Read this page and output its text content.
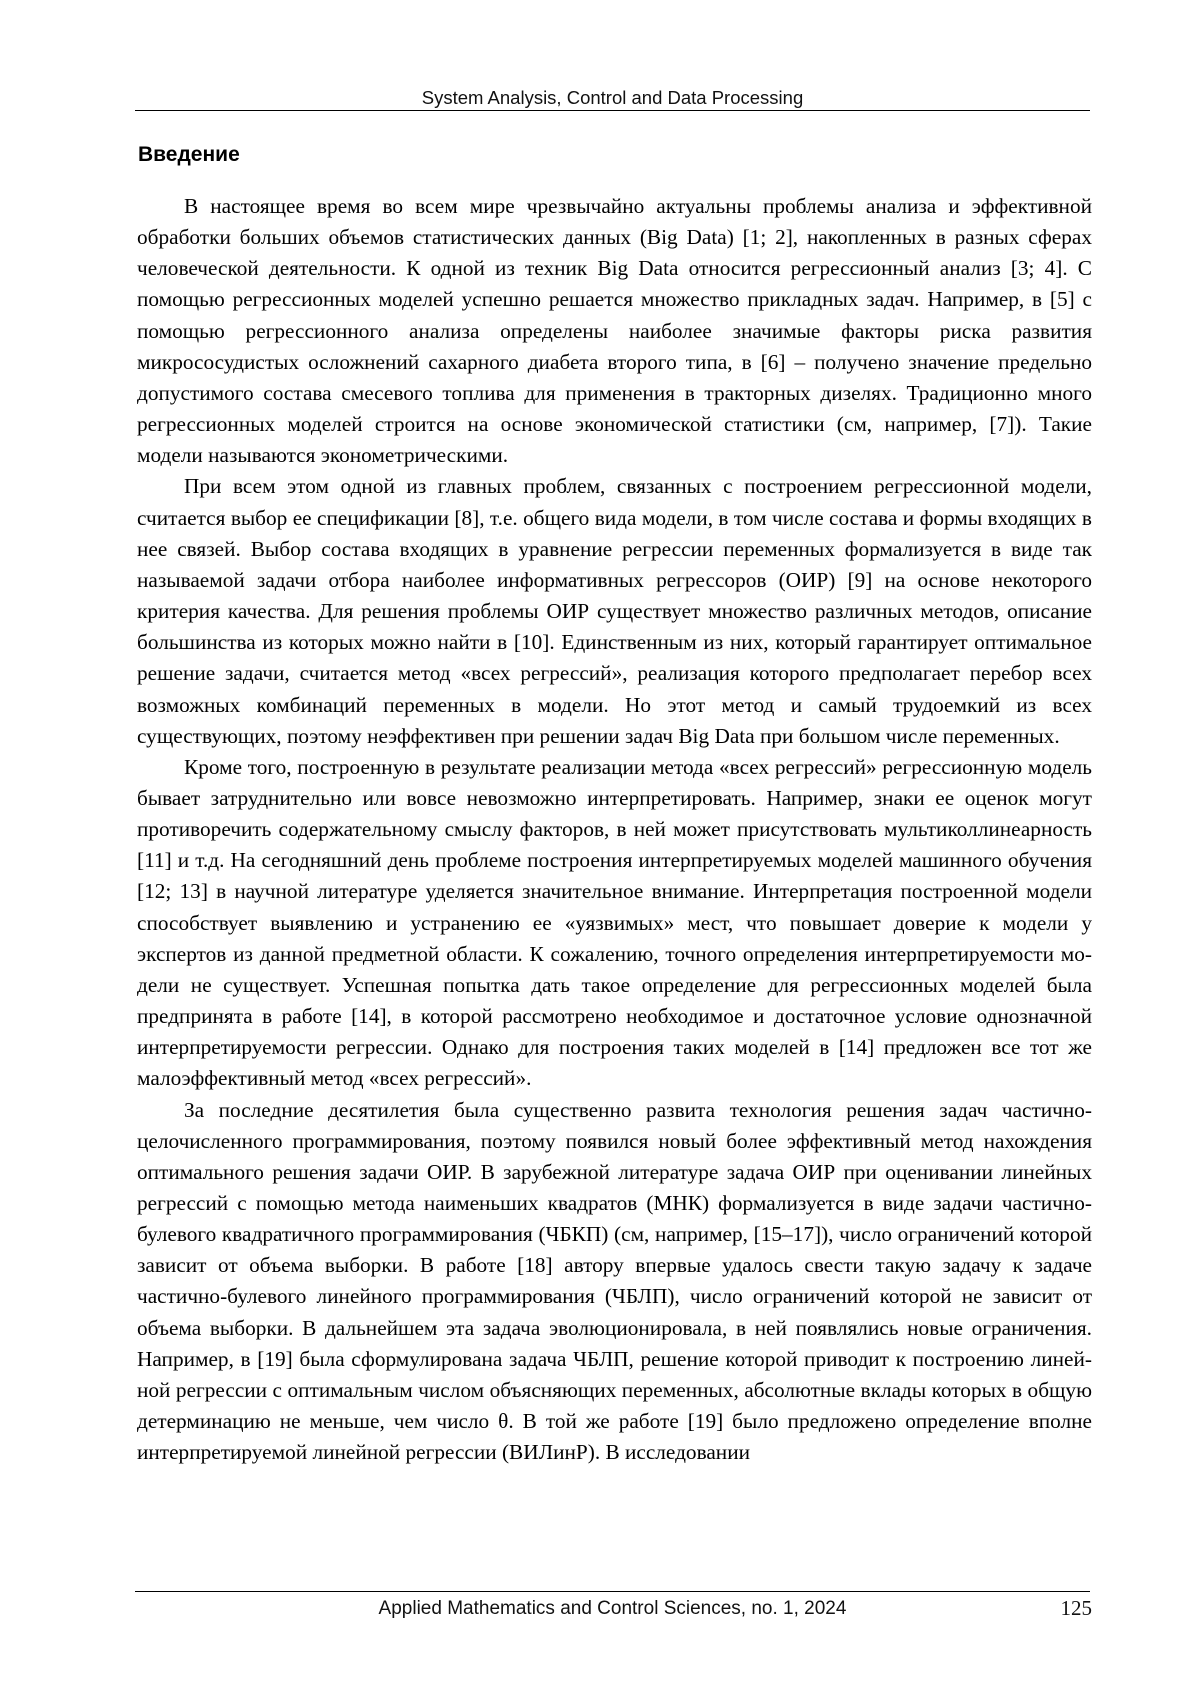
System Analysis, Control and Data Processing
Введение

В настоящее время во всем мире чрезвычайно актуальны проблемы анализа и эффектив­ной обработки больших объемов статистических данных (Big Data) [1; 2], накопленных в раз­ных сферах человеческой деятельности. К одной из техник Big Data относится регрессионный анализ [3; 4]. С помощью регрессионных моделей успешно решается множество прикладных задач. Например, в [5] с помощью регрессионного анализа определены наиболее значимые факторы риска развития микрососудистых осложнений сахарного диабета второго типа, в [6] – получено значение предельно допустимого состава смесевого топлива для применения в трак­торных дизелях. Традиционно много регрессионных моделей строится на основе экономиче­ской статистики (см, например, [7]). Такие модели называются эконометрическими.

При всем этом одной из главных проблем, связанных с построением регрессионной мо­дели, считается выбор ее спецификации [8], т.е. общего вида модели, в том числе состава и формы входящих в нее связей. Выбор состава входящих в уравнение регрессии переменных формализуется в виде так называемой задачи отбора наиболее информативных регрессоров (ОИР) [9] на основе некоторого критерия качества. Для решения проблемы ОИР существует множество различных методов, описание большинства из которых можно найти в [10]. Един­ственным из них, который гарантирует оптимальное решение задачи, считается метод «всех регрессий», реализация которого предполагает перебор всех возможных комбинаций пере­менных в модели. Но этот метод и самый трудоемкий из всех существующих, поэтому неэф­фективен при решении задач Big Data при большом числе переменных.

Кроме того, построенную в результате реализации метода «всех регрессий» регресси­онную модель бывает затруднительно или вовсе невозможно интерпретировать. Например, знаки ее оценок могут противоречить содержательному смыслу факторов, в ней может присутствовать мультиколлинеарность [11] и т.д. На сегодняшний день проблеме построе­ния интерпретируемых моделей машинного обучения [12; 13] в научной литературе уделя­ется значительное внимание. Интерпретация построенной модели способствует выявле­нию и устранению ее «уязвимых» мест, что повышает доверие к модели у экспертов из данной предметной области. К сожалению, точного определения интерпретируемости мо­дели не существует. Успешная попытка дать такое определение для регрессионных моде­лей была предпринята в работе [14], в которой рассмотрено необходимое и достаточное условие однозначной интерпретируемости регрессии. Однако для построения таких моде­лей в [14] предложен все тот же малоэффективный метод «всех регрессий».

За последние десятилетия была существенно развита технология решения задач частич­но-целочисленного программирования, поэтому появился новый более эффективный метод нахождения оптимального решения задачи ОИР. В зарубежной литературе задача ОИР при оценивании линейных регрессий с помощью метода наименьших квадратов (МНК) форма­лизуется в виде задачи частично-булевого квадратичного программирования (ЧБКП) (см, например, [15–17]), число ограничений которой зависит от объема выборки. В работе [18] автору впервые удалось свести такую задачу к задаче частично-булевого линейного про­граммирования (ЧБЛП), число ограничений которой не зависит от объема выборки. В даль­нейшем эта задача эволюционировала, в ней появлялись новые ограничения. Например, в [19] была сформулирована задача ЧБЛП, решение которой приводит к построению линей­ной регрессии с оптимальным числом объясняющих переменных, абсолютные вклады кото­рых в общую детерминацию не меньше, чем число θ. В той же работе [19] было предложе­но определение вполне интерпретируемой линейной регрессии (ВИЛинР). В исследовании

Applied Mathematics and Control Sciences, no. 1, 2024	125
